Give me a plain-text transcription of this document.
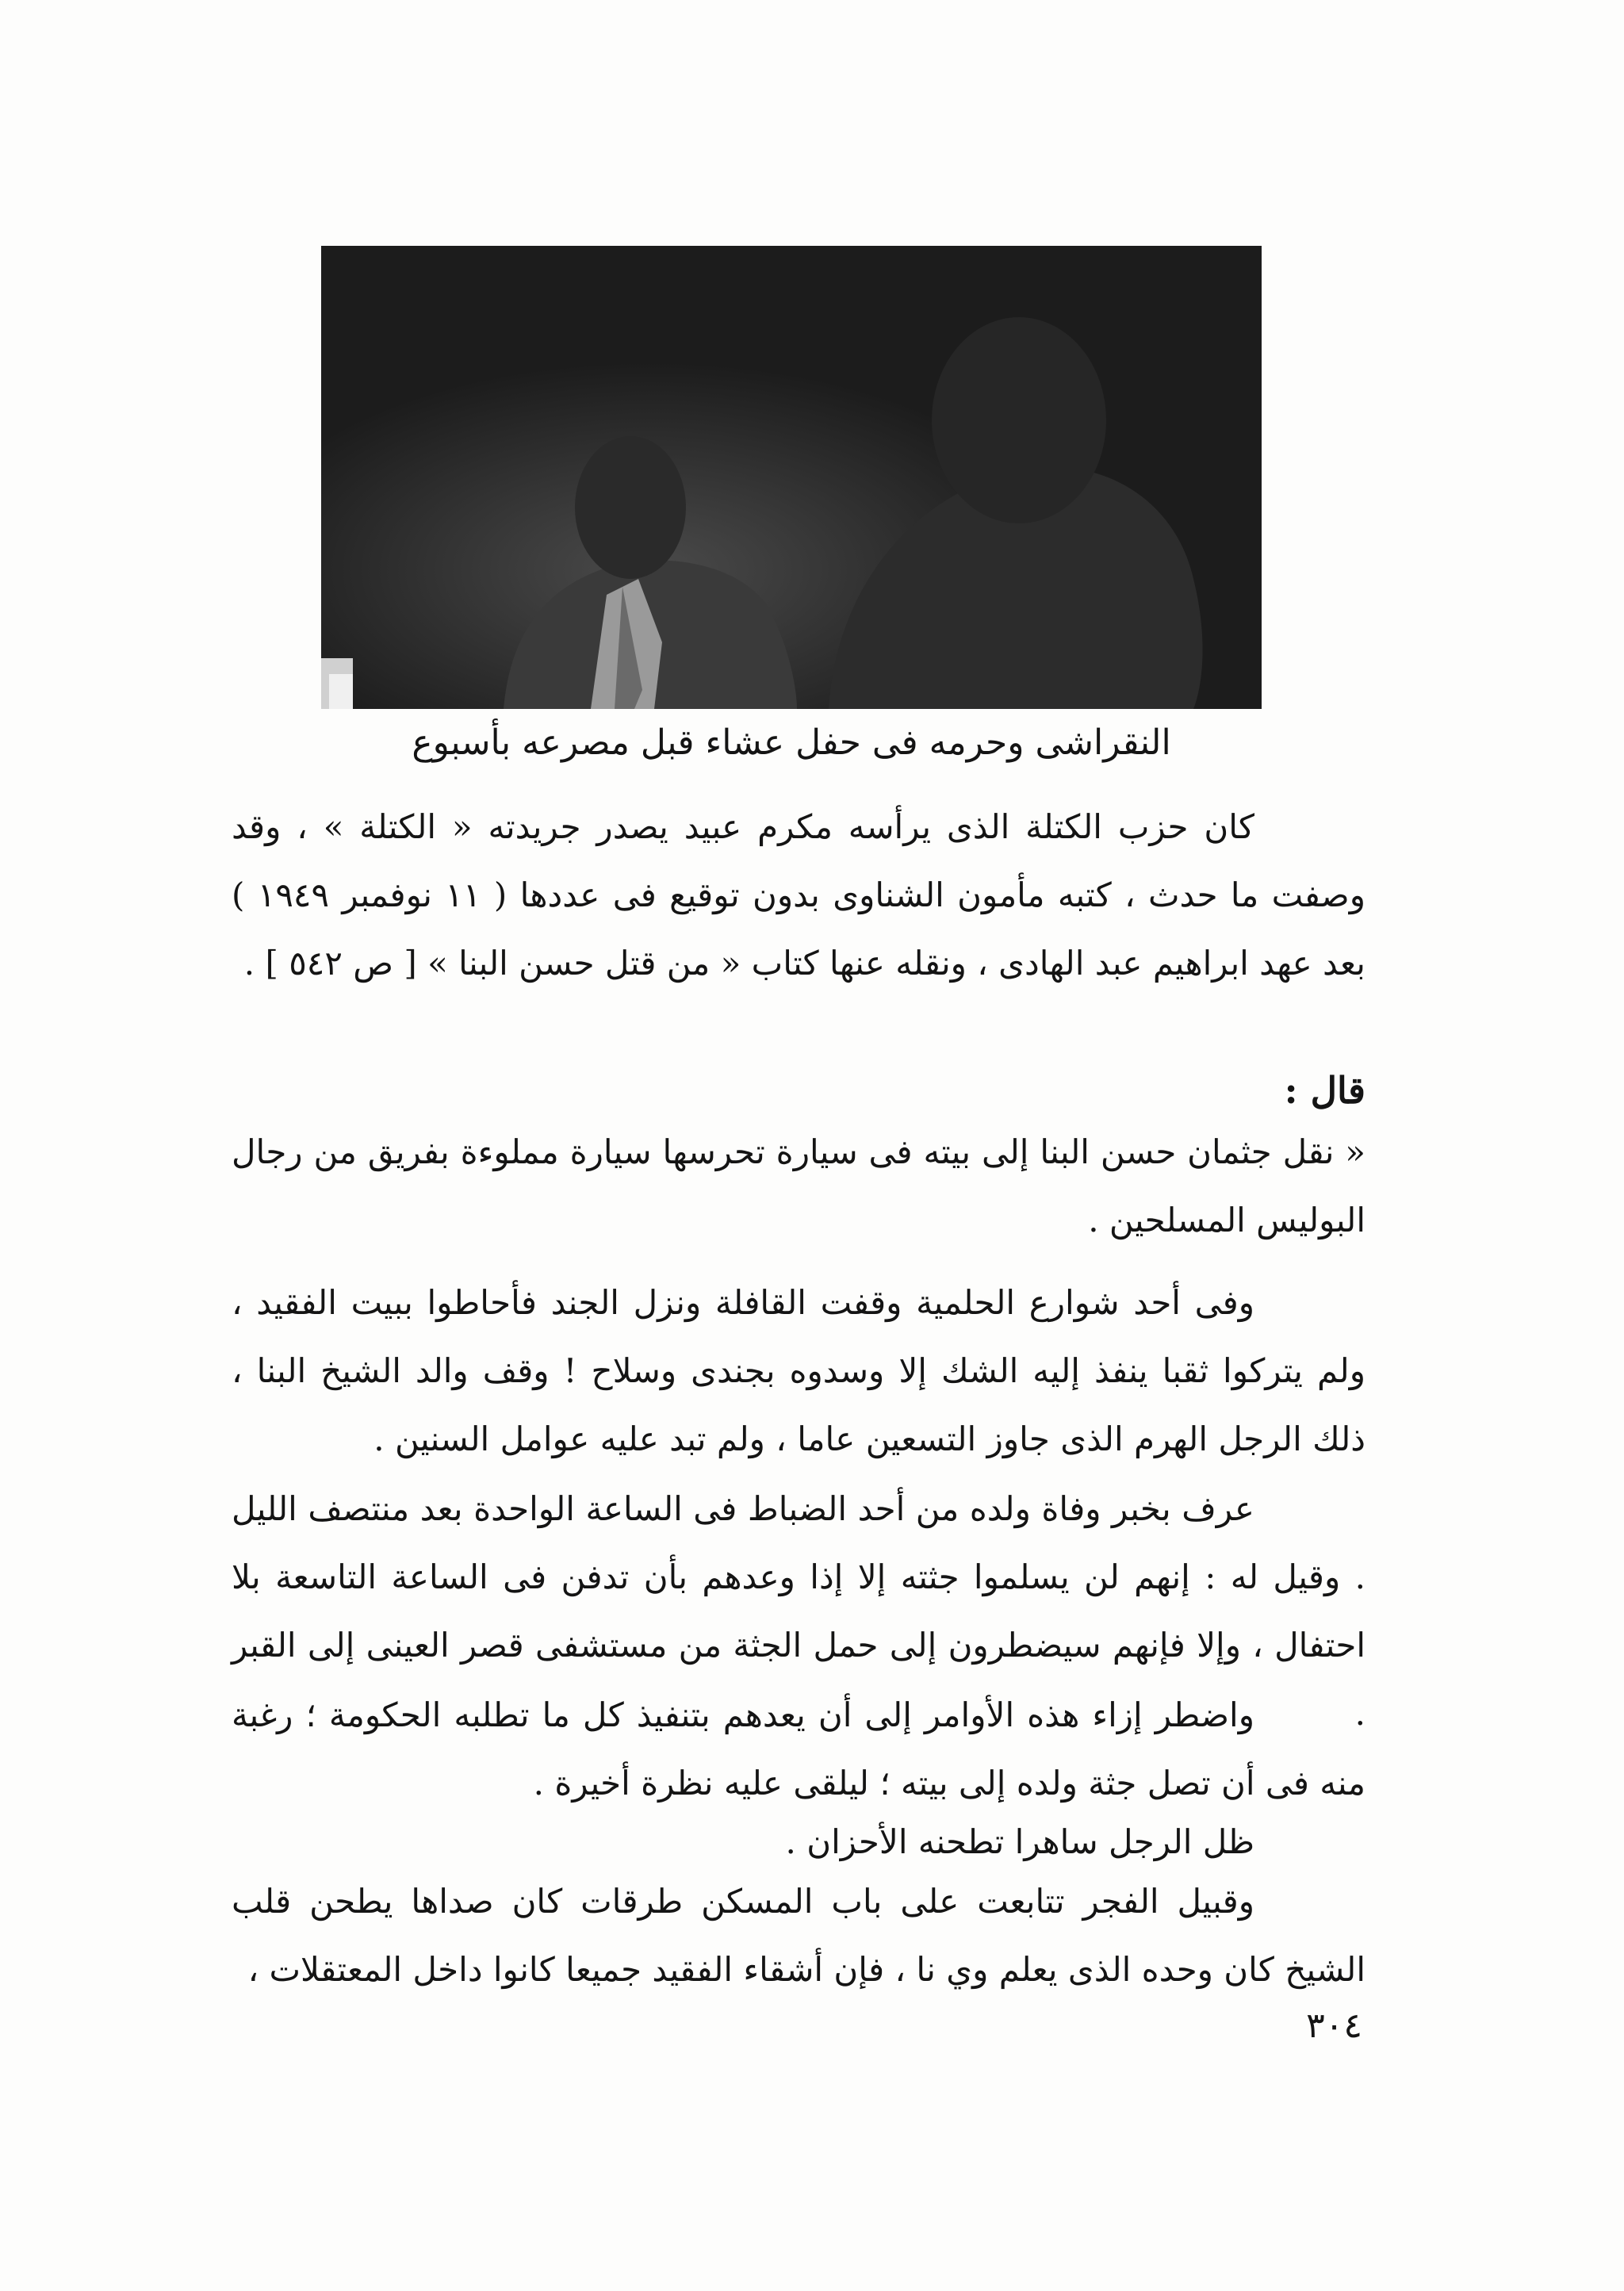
النقراشى وحرمه فى حفل عشاء قبل مصرعه بأسبوع

كان حزب الكتلة الذى يرأسه مكرم عبيد يصدر جريدته « الكتلة » ، وقد وصفت ما حدث ، كتبه مأمون الشناوى بدون توقيع فى عددها ( ١١ نوفمبر ١٩٤٩ ) بعد عهد ابراهيم عبد الهادى ، ونقله عنها كتاب « من قتل حسن البنا » [ ص ٥٤٢ ] .

قال :

« نقل جثمان حسن البنا إلى بيته فى سيارة تحرسها سيارة مملوءة بفريق من رجال البوليس المسلحين .

وفى أحد شوارع الحلمية وقفت القافلة ونزل الجند فأحاطوا ببيت الفقيد ، ولم يتركوا ثقبا ينفذ إليه الشك إلا وسدوه بجندى وسلاح ! وقف والد الشيخ البنا ، ذلك الرجل الهرم الذى جاوز التسعين عاما ، ولم تبد عليه عوامل السنين .

عرف بخبر وفاة ولده من أحد الضباط فى الساعة الواحدة بعد منتصف الليل . وقيل له : إنهم لن يسلموا جثته إلا إذا وعدهم بأن تدفن فى الساعة التاسعة بلا احتفال ، وإلا فإنهم سيضطرون إلى حمل الجثة من مستشفى قصر العينى إلى القبر .

واضطر إزاء هذه الأوامر إلى أن يعدهم بتنفيذ كل ما تطلبه الحكومة ؛ رغبة منه فى أن تصل جثة ولده إلى بيته ؛ ليلقى عليه نظرة أخيرة .

ظل الرجل ساهرا تطحنه الأحزان .

وقبيل الفجر تتابعت على باب المسكن طرقات كان صداها يطحن قلب الشيخ كان وحده الذى يعلم وي نا ، فإن أشقاء الفقيد جميعا كانوا داخل المعتقلات ،

٣٠٤
